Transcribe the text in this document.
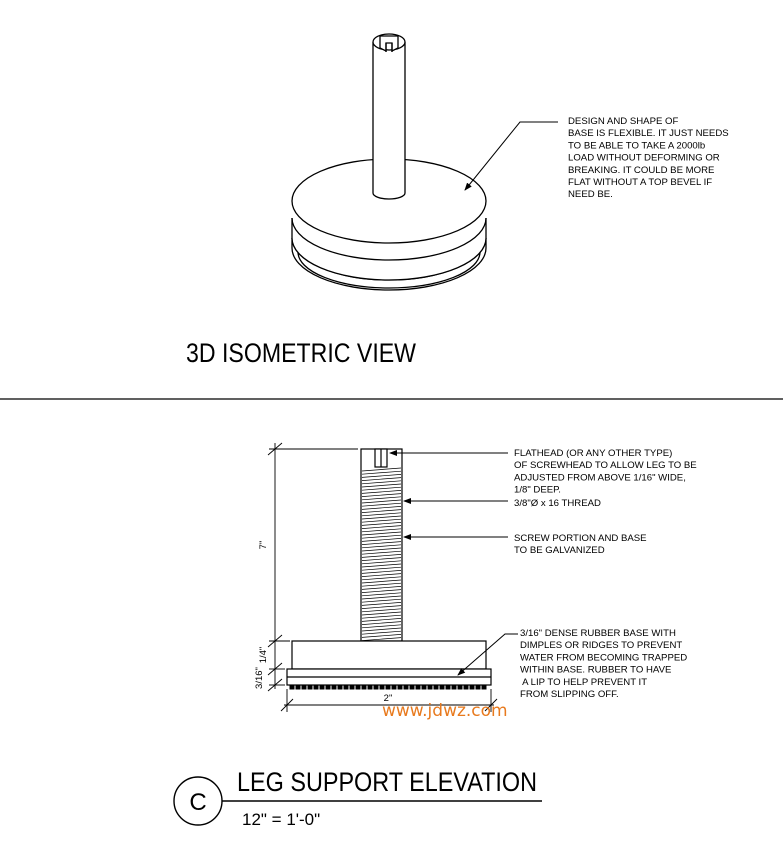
DESIGN AND SHAPE OF BASE IS FLEXIBLE. IT JUST NEEDS TO BE ABLE TO TAKE A 2000lb LOAD WITHOUT DEFORMING OR BREAKING. IT COULD BE MORE FLAT WITHOUT A TOP BEVEL IF NEED BE.
3D ISOMETRIC VIEW
7"
1/4"
3/16"
2"
FLATHEAD (OR ANY OTHER TYPE) OF SCREWHEAD TO ALLOW LEG TO BE ADJUSTED FROM ABOVE 1/16" WIDE, 1/8" DEEP.
3/8"Ø x 16 THREAD
SCREW PORTION AND BASE TO BE GALVANIZED
3/16" DENSE RUBBER BASE WITH DIMPLES OR RIDGES TO PREVENT WATER FROM BECOMING TRAPPED WITHIN BASE. RUBBER TO HAVE A LIP TO HELP PREVENT IT FROM SLIPPING OFF.
www.jdwz.com
C
LEG SUPPORT ELEVATION
12" = 1'-0"
